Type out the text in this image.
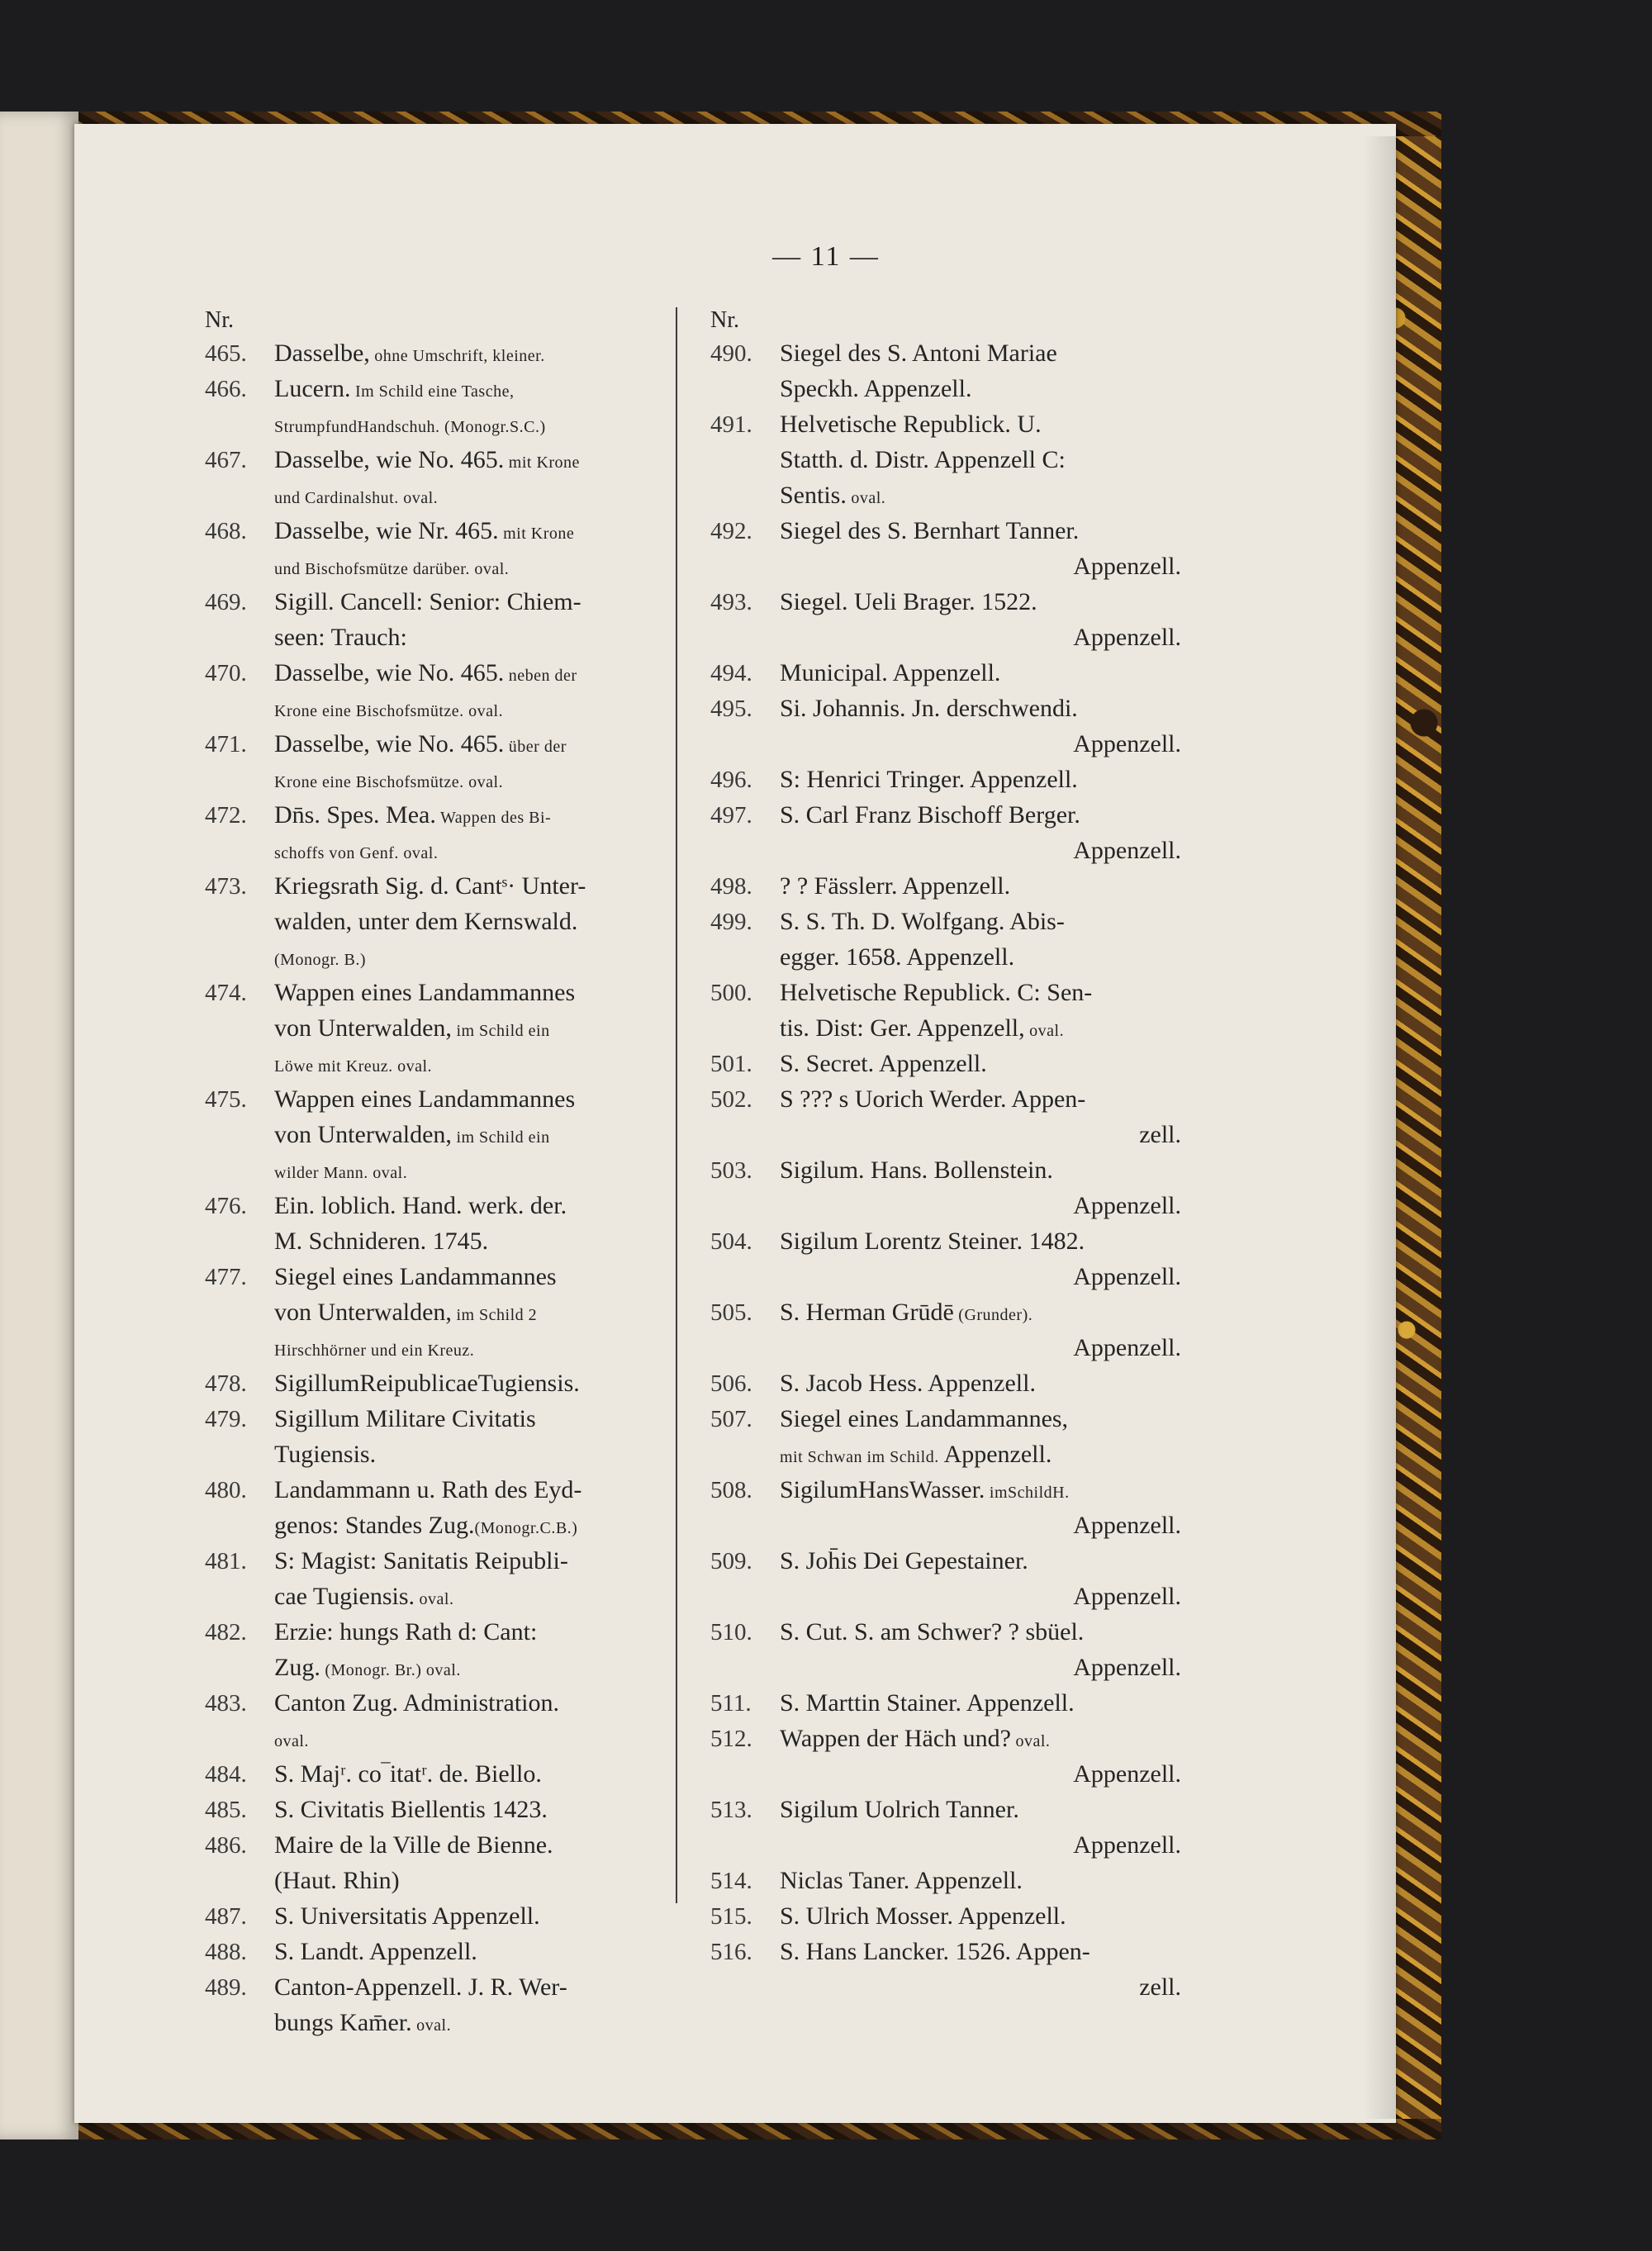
— 11 —
Nr.
465.	Dasselbe, ohne Umschrift, kleiner.
466.	Lucern. Im Schild eine Tasche,
StrumpfundHandschuh. (Monogr.S.C.)
467.	Dasselbe, wie No. 465. mit Krone
und Cardinalshut. oval.
468.	Dasselbe, wie Nr. 465. mit Krone
und Bischofsmütze darüber. oval.
469.	Sigill. Cancell: Senior: Chiem-
seen: Trauch:
470.	Dasselbe, wie No. 465. neben der
Krone eine Bischofsmütze. oval.
471.	Dasselbe, wie No. 465. über der
Krone eine Bischofsmütze. oval.
472.	Dn̄s. Spes. Mea. Wappen des Bi-
schoffs von Genf. oval.
473.	Kriegsrath Sig. d. Cantˢ· Unter-
walden, unter dem Kernswald.
(Monogr. B.)
474.	Wappen eines Landammannes
von Unterwalden, im Schild ein
Löwe mit Kreuz. oval.
475.	Wappen eines Landammannes
von Unterwalden, im Schild ein
wilder Mann. oval.
476.	Ein. loblich. Hand. werk. der.
M. Schnideren. 1745.
477.	Siegel eines Landammannes
von Unterwalden, im Schild 2
Hirschhörner und ein Kreuz.
478.	SigillumReipublicaeTugiensis.
479.	Sigillum Militare Civitatis
Tugiensis.
480.	Landammann u. Rath des Eyd-
genos: Standes Zug.(Monogr.C.B.)
481.	S: Magist: Sanitatis Reipubli-
cae Tugiensis. oval.
482.	Erzie: hungs Rath d: Cant:
Zug. (Monogr. Br.) oval.
483.	Canton Zug. Administration.
oval.
484.	S. Majʳ. co‾itatʳ. de. Biello.
485.	S. Civitatis Biellentis 1423.
486.	Maire de la Ville de Bienne.
(Haut. Rhin)
487.	S. Universitatis Appenzell.
488.	S. Landt. Appenzell.
489.	Canton-Appenzell. J. R. Wer-
bungs Kam̄er. oval.
Nr.
490.	Siegel des S. Antoni Mariae
Speckh. Appenzell.
491.	Helvetische Republick. U.
Statth. d. Distr. Appenzell C:
Sentis. oval.
492.	Siegel des S. Bernhart Tanner.
Appenzell.
493.	Siegel. Ueli Brager. 1522.
Appenzell.
494.	Municipal. Appenzell.
495.	Si. Johannis. Jn. derschwendi.
Appenzell.
496.	S: Henrici Tringer. Appenzell.
497.	S. Carl Franz Bischoff Berger.
Appenzell.
498.	? ? Fässlerr. Appenzell.
499.	S. S. Th. D. Wolfgang. Abis-
egger. 1658. Appenzell.
500.	Helvetische Republick. C: Sen-
tis. Dist: Ger. Appenzell, oval.
501.	S. Secret. Appenzell.
502.	S ??? s Uorich Werder. Appen-
zell.
503.	Sigilum. Hans. Bollenstein.
Appenzell.
504.	Sigilum Lorentz Steiner. 1482.
Appenzell.
505.	S. Herman Grūdē (Grunder).
Appenzell.
506.	S. Jacob Hess. Appenzell.
507.	Siegel eines Landammannes,
mit Schwan im Schild. Appenzell.
508.	SigilumHansWasser. imSchildH.
Appenzell.
509.	S. Joh̄is Dei Gepestainer.
Appenzell.
510.	S. Cut. S. am Schwer? ? sbüel.
Appenzell.
511.	S. Marttin Stainer. Appenzell.
512.	Wappen der Häch und? oval.
Appenzell.
513.	Sigilum Uolrich Tanner.
Appenzell.
514.	Niclas Taner. Appenzell.
515.	S. Ulrich Mosser. Appenzell.
516.	S. Hans Lancker. 1526. Appen-
zell.
